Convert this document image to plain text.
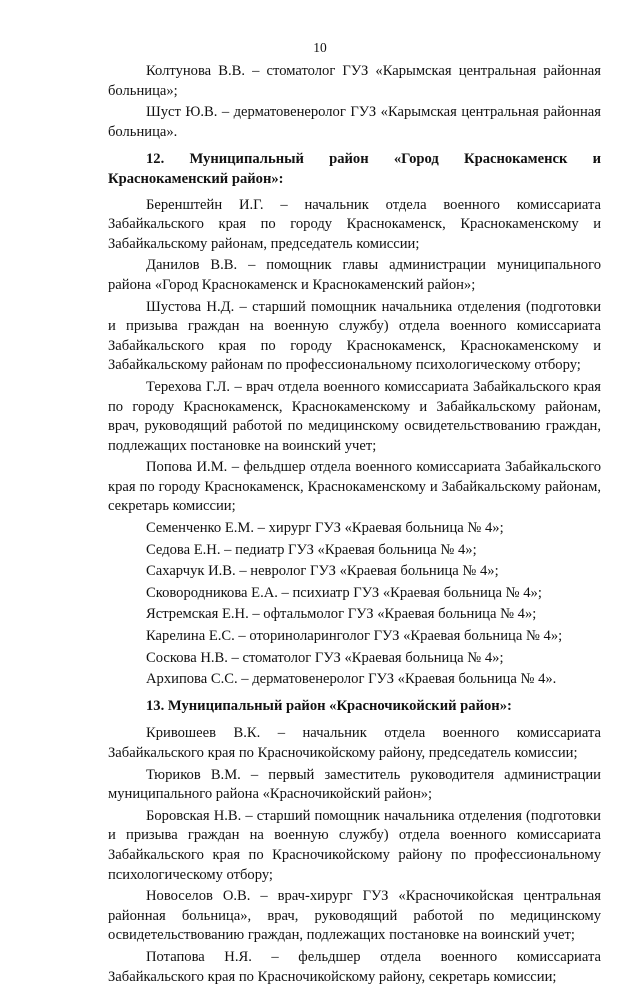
10

Колтунова В.В. – стоматолог ГУЗ «Карымская центральная районная больница»;

Шуст Ю.В. – дерматовенеролог ГУЗ «Карымская центральная районная больница».

12. Муниципальный район «Город Краснокаменск и Краснокаменский район»:

Беренштейн И.Г. – начальник отдела военного комиссариата Забайкальского края по городу Краснокаменск, Краснокаменскому и Забайкальскому районам, председатель комиссии;

Данилов В.В. – помощник главы администрации муниципального района «Город Краснокаменск и Краснокаменский район»;

Шустова Н.Д. – старший помощник начальника отделения (подготовки и призыва граждан на военную службу) отдела военного комиссариата Забайкальского края по городу Краснокаменск, Краснокаменскому и Забайкальскому районам по профессиональному психологическому отбору;

Терехова Г.Л. – врач отдела военного комиссариата Забайкальского края по городу Краснокаменск, Краснокаменскому и Забайкальскому районам, врач, руководящий работой по медицинскому освидетельствованию граждан, подлежащих постановке на воинский учет;

Попова И.М. – фельдшер отдела военного комиссариата Забайкальского края по городу Краснокаменск, Краснокаменскому и Забайкальскому районам, секретарь комиссии;

Семенченко Е.М. – хирург ГУЗ «Краевая больница № 4»;

Седова Е.Н. – педиатр ГУЗ «Краевая больница № 4»;

Сахарчук И.В. – невролог ГУЗ «Краевая больница № 4»;

Сковородникова Е.А. – психиатр ГУЗ «Краевая больница № 4»;

Ястремская Е.Н. – офтальмолог ГУЗ «Краевая больница № 4»;

Карелина Е.С. – оториноларинголог ГУЗ «Краевая больница № 4»;

Соскова Н.В. – стоматолог ГУЗ «Краевая больница № 4»;

Архипова С.С. – дерматовенеролог ГУЗ «Краевая больница № 4».

13. Муниципальный район «Красночикойский район»:

Кривошеев В.К. – начальник отдела военного комиссариата Забайкальского края по Красночикойскому району, председатель комиссии;

Тюриков В.М. – первый заместитель руководителя администрации муниципального района «Красночикойский район»;

Боровская Н.В. – старший помощник начальника отделения (подготовки и призыва граждан на военную службу) отдела военного комиссариата Забайкальского края по Красночикойскому району по профессиональному психологическому отбору;

Новоселов О.В. – врач-хирург ГУЗ «Красночикойская центральная районная больница», врач, руководящий работой по медицинскому освидетельствованию граждан, подлежащих постановке на воинский учет;

Потапова Н.Я. – фельдшер отдела военного комиссариата Забайкальского края по Красночикойскому району, секретарь комиссии;
